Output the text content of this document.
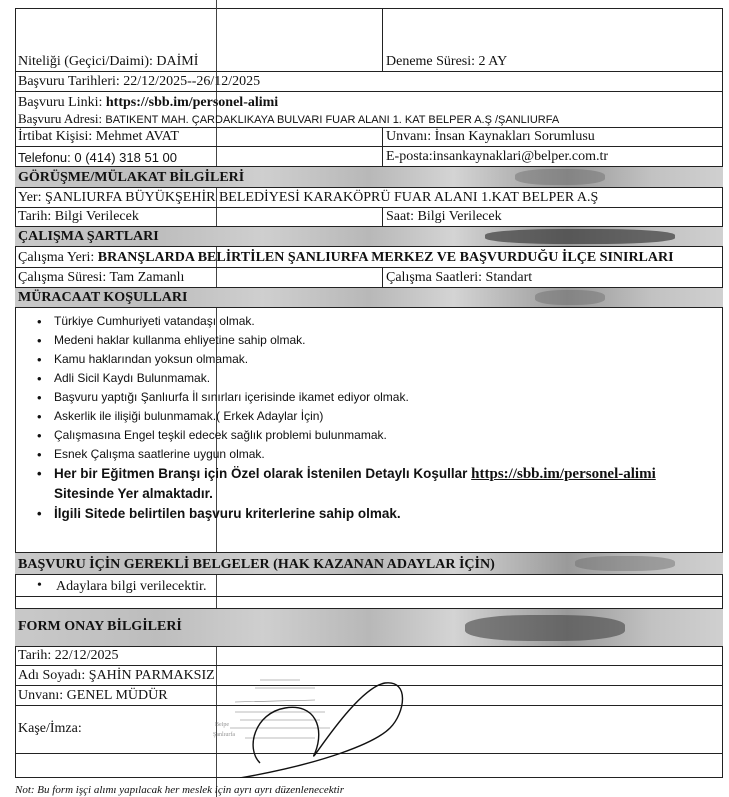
Niteliği (Geçici/Daimi): DAİMİ	Deneme Süresi: 2 AY
Başvuru Tarihleri: 22/12/2025--26/12/2025
Başvuru Linki: https://sbb.im/personel-alimi
Başvuru Adresi: BATIKENT MAH. ÇARDAKLIKAYA BULVARI FUAR ALANI 1. KAT BELPER A.Ş /ŞANLIURFA
İrtibat Kişisi: Mehmet AVAT	Unvanı: İnsan Kaynakları Sorumlusu
Telefonu: 0 (414) 318 51 00	E-posta:insankaynaklari@belper.com.tr
GÖRÜŞME/MÜLAKAT BİLGİLERİ
Yer: ŞANLIURFA BÜYÜKŞEHİR BELEDİYESİ KARAKÖPRÜ FUAR ALANI 1.KAT BELPER A.Ş
Tarih: Bilgi Verilecek	Saat: Bilgi Verilecek
ÇALIŞMA ŞARTLARI
Çalışma Yeri:
BRANŞLARDA BELİRTİLEN ŞANLIURFA MERKEZ VE BAŞVURDUĞU İLÇE SINIRLARI
Çalışma Süresi: Tam Zamanlı	Çalışma Saatleri: Standart
MÜRACAAT KOŞULLARI
• Türkiye Cumhuriyeti vatandaşı olmak.
• Medeni haklar kullanma ehliyetine sahip olmak.
• Kamu haklarından yoksun olmamak.
• Adli Sicil Kaydı Bulunmamak.
• Başvuru yaptığı Şanlıurfa İl sınırları içerisinde ikamet ediyor olmak.
• Askerlik ile ilişiği bulunmamak.( Erkek Adaylar İçin)
• Çalışmasına Engel teşkil edecek sağlık problemi bulunmamak.
• Esnek Çalışma saatlerine uygun olmak.
• Her bir Eğitmen Branşı için Özel olarak İstenilen Detaylı Koşullar https://sbb.im/personel-alimi
Sitesinde Yer almaktadır.
• İlgili Sitede belirtilen başvuru kriterlerine sahip olmak.
BAŞVURU İÇİN GEREKLİ BELGELER (HAK KAZANAN ADAYLAR İÇİN)
• Adaylara bilgi verilecektir.
FORM ONAY BİLGİLERİ
Tarih: 22/12/2025
Adı Soyadı: ŞAHİN PARMAKSIZ
Unvanı: GENEL MÜDÜR
Kaşe/İmza:	Belpe
Şanlıurfa
Not: Bu form işçi alımı yapılacak her meslek için ayrı ayrı düzenlenecektir
